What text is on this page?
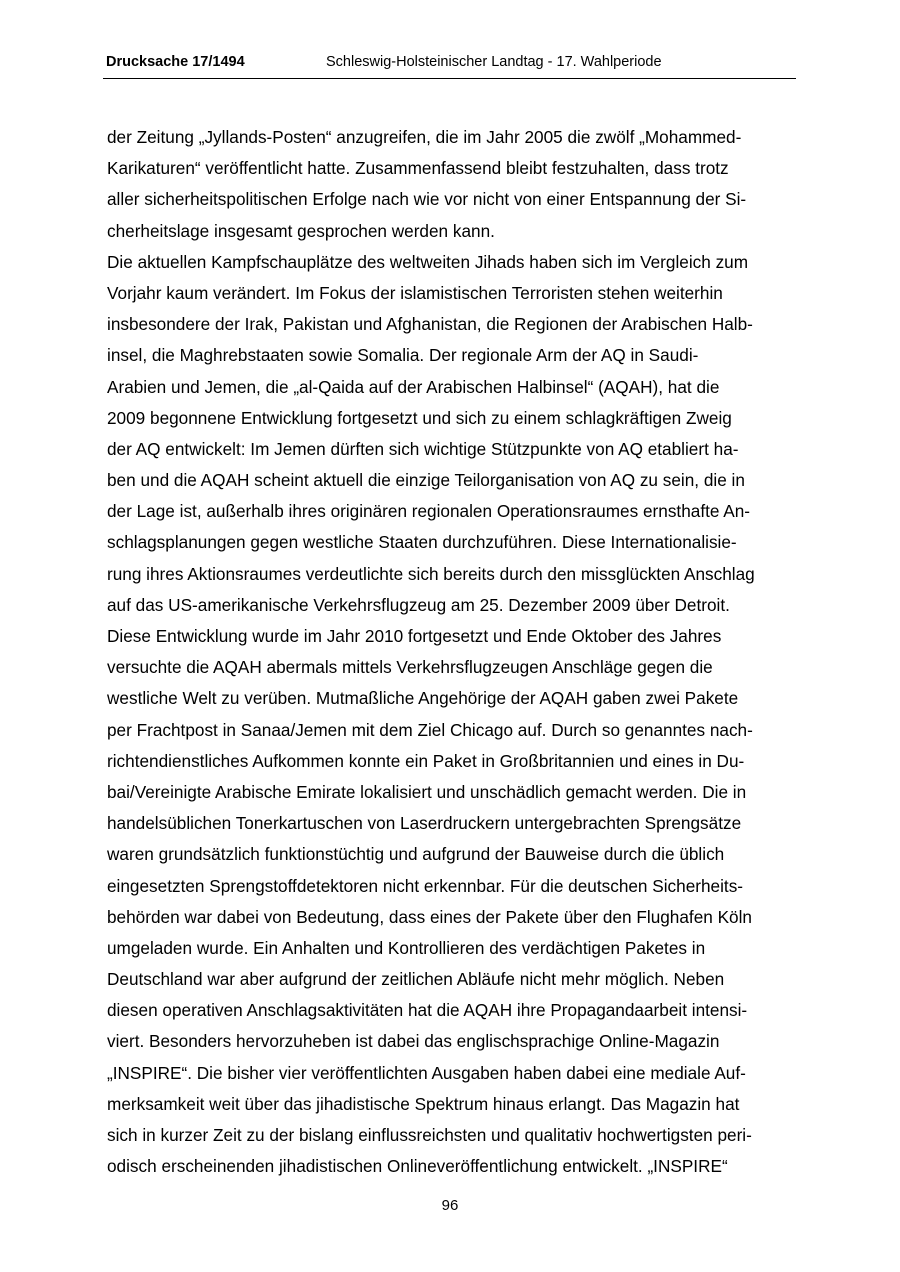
Drucksache 17/1494	Schleswig-Holsteinischer Landtag - 17. Wahlperiode
der Zeitung „Jyllands-Posten“ anzugreifen, die im Jahr 2005 die zwölf „Mohammed-
Karikaturen“ veröffentlicht hatte. Zusammenfassend bleibt festzuhalten, dass trotz
aller sicherheitspolitischen Erfolge nach wie vor nicht von einer Entspannung der Si-
cherheitslage insgesamt gesprochen werden kann.
Die aktuellen Kampfschauplätze des weltweiten Jihads haben sich im Vergleich zum
Vorjahr kaum verändert. Im Fokus der islamistischen Terroristen stehen weiterhin
insbesondere der Irak, Pakistan und Afghanistan, die Regionen der Arabischen Halb-
insel, die Maghrebstaaten sowie Somalia. Der regionale Arm der AQ in Saudi-
Arabien und Jemen, die „al-Qaida auf der Arabischen Halbinsel“ (AQAH), hat die
2009 begonnene Entwicklung fortgesetzt und sich zu einem schlagkräftigen Zweig
der AQ entwickelt: Im Jemen dürften sich wichtige Stützpunkte von AQ etabliert ha-
ben und die AQAH scheint aktuell die einzige Teilorganisation von AQ zu sein, die in
der Lage ist, außerhalb ihres originären regionalen Operationsraumes ernsthafte An-
schlagsplanungen gegen westliche Staaten durchzuführen. Diese Internationalisie-
rung ihres Aktionsraumes verdeutlichte sich bereits durch den missglückten Anschlag
auf das US-amerikanische Verkehrsflugzeug am 25. Dezember 2009 über Detroit.
Diese Entwicklung wurde im Jahr 2010 fortgesetzt und Ende Oktober des Jahres
versuchte die AQAH abermals mittels Verkehrsflugzeugen Anschläge gegen die
westliche Welt zu verüben. Mutmaßliche Angehörige der AQAH gaben zwei Pakete
per Frachtpost in Sanaa/Jemen mit dem Ziel Chicago auf. Durch so genanntes nach-
richtendienstliches Aufkommen konnte ein Paket in Großbritannien und eines in Du-
bai/Vereinigte Arabische Emirate lokalisiert und unschädlich gemacht werden. Die in
handelsüblichen Tonerkartuschen von Laserdruckern untergebrachten Sprengsätze
waren grundsätzlich funktionstüchtig und aufgrund der Bauweise durch die üblich
eingesetzten Sprengstoffdetektoren nicht erkennbar. Für die deutschen Sicherheits-
behörden war dabei von Bedeutung, dass eines der Pakete über den Flughafen Köln
umgeladen wurde. Ein Anhalten und Kontrollieren des verdächtigen Paketes in
Deutschland war aber aufgrund der zeitlichen Abläufe nicht mehr möglich. Neben
diesen operativen Anschlagsaktivitäten hat die AQAH ihre Propagandaarbeit intensi-
viert. Besonders hervorzuheben ist dabei das englischsprachige Online-Magazin
„INSPIRE“. Die bisher vier veröffentlichten Ausgaben haben dabei eine mediale Auf-
merksamkeit weit über das jihadistische Spektrum hinaus erlangt. Das Magazin hat
sich in kurzer Zeit zu der bislang einflussreichsten und qualitativ hochwertigsten peri-
odisch erscheinenden jihadistischen Onlineveröffentlichung entwickelt. „INSPIRE“
96
